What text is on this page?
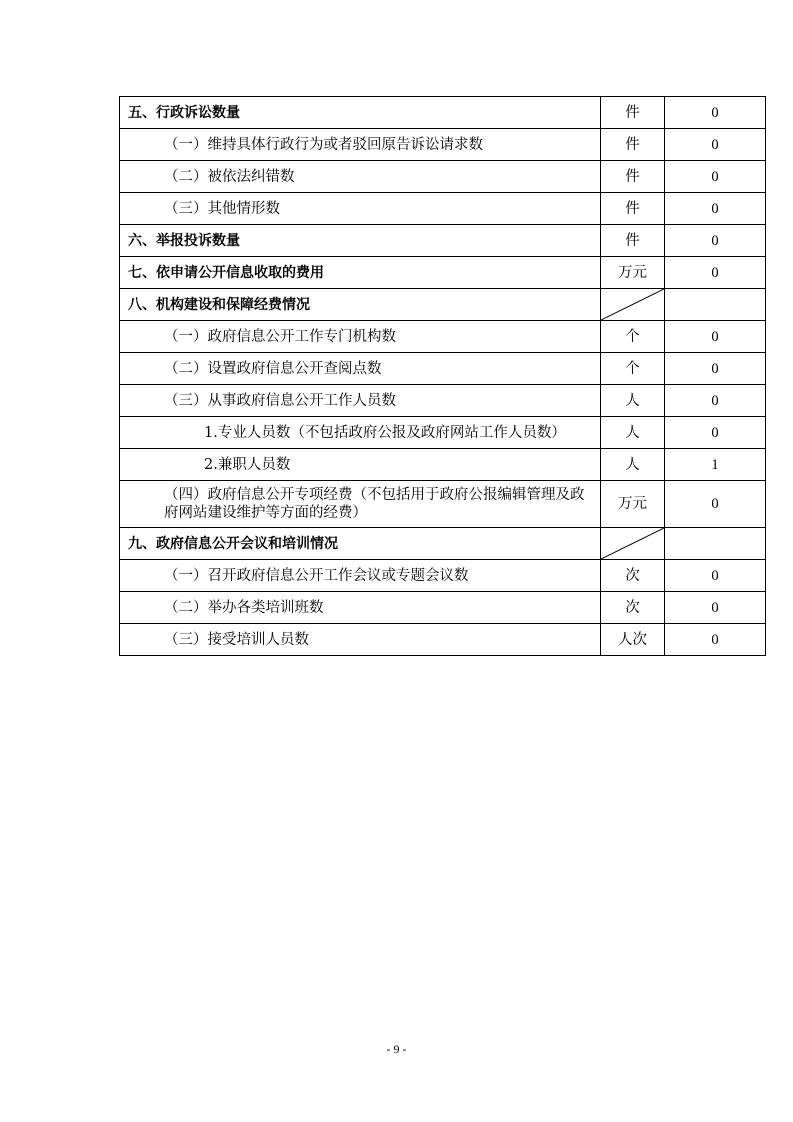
五、行政诉讼数量	件	0
（一）维持具体行政行为或者驳回原告诉讼请求数	件	0
（二）被依法纠错数	件	0
（三）其他情形数	件	0
六、举报投诉数量	件	0
七、依申请公开信息收取的费用	万元	0
八、机构建设和保障经费情况	

（一）政府信息公开工作专门机构数	个	0
（二）设置政府信息公开查阅点数	个	0
（三）从事政府信息公开工作人员数	人	0
1.专业人员数（不包括政府公报及政府网站工作人员数）	人	0
2.兼职人员数	人	1
（四）政府信息公开专项经费（不包括用于政府公报编辑管理及政府网站建设维护等方面的经费）	万元	0
九、政府信息公开会议和培训情况	

（一）召开政府信息公开工作会议或专题会议数	次	0
（二）举办各类培训班数	次	0
（三）接受培训人员数	人次	0
- 9 -
